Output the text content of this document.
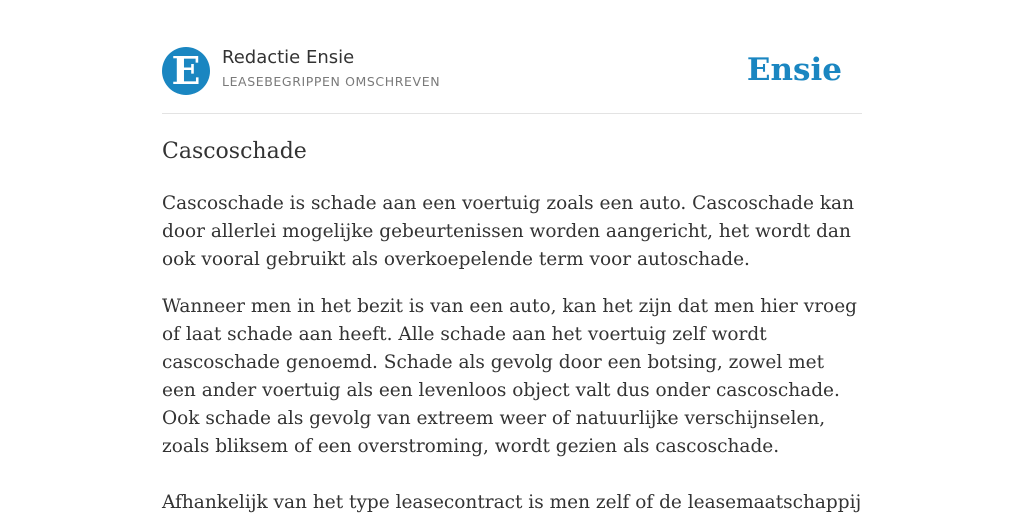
E	Redactie Ensie
LEASEBEGRIPPEN OMSCHREVEN	Ensie
Cascoschade

Cascoschade is schade aan een voertuig zoals een auto. Cascoschade kan door allerlei mogelijke gebeurtenissen worden aangericht, het wordt dan ook vooral gebruikt als overkoepelende term voor autoschade.

Wanneer men in het bezit is van een auto, kan het zijn dat men hier vroeg of laat schade aan heeft. Alle schade aan het voertuig zelf wordt cascoschade genoemd. Schade als gevolg door een botsing, zowel met een ander voertuig als een levenloos object valt dus onder cascoschade. Ook schade als gevolg van extreem weer of natuurlijke verschijnselen, zoals bliksem of een overstroming, wordt gezien als cascoschade.

Afhankelijk van het type leasecontract is men zelf of de leasemaatschappij
